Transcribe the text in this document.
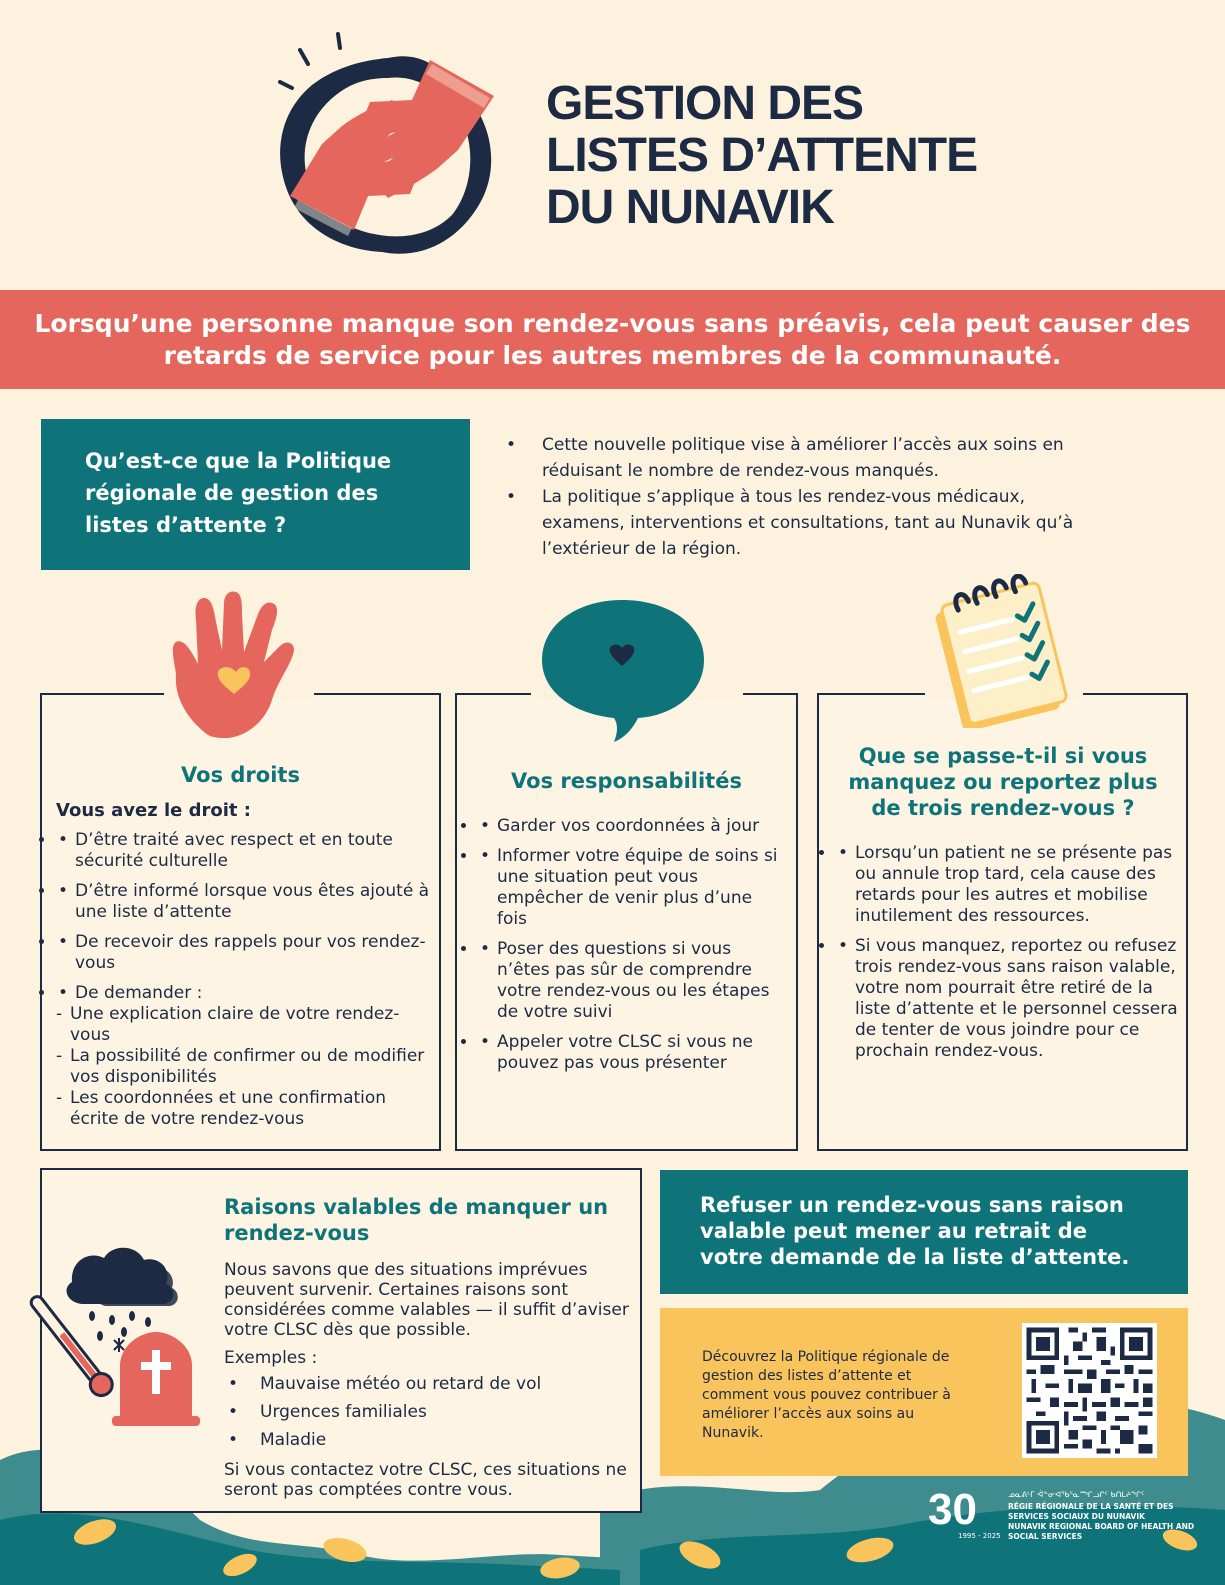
GESTION DES
LISTES D’ATTENTE
DU NUNAVIK
Lorsqu’une personne manque son rendez-vous sans préavis, cela peut causer des retards de service pour les autres membres de la communauté.
Qu’est-ce que la Politique régionale de gestion des listes d’attente ?
• Cette nouvelle politique vise à améliorer l’accès aux soins en réduisant le nombre de rendez-vous manqués.
• La politique s’applique à tous les rendez-vous médicaux, examens, interventions et consultations, tant au Nunavik qu’à l’extérieur de la région.
Vos droits
Vous avez le droit :
• • D’être traité avec respect et en toute sécurité culturelle
• • D’être informé lorsque vous êtes ajouté à une liste d’attente
• • De recevoir des rappels pour vos rendez-vous
• • De demander :
- Une explication claire de votre rendez-vous
- La possibilité de confirmer ou de modifier vos disponibilités
- Les coordonnées et une confirmation écrite de votre rendez-vous
Vos responsabilités
• • Garder vos coordonnées à jour
• • Informer votre équipe de soins si une situation peut vous empêcher de venir plus d’une fois
• • Poser des questions si vous n’êtes pas sûr de comprendre votre rendez-vous ou les étapes de votre suivi
• • Appeler votre CLSC si vous ne pouvez pas vous présenter
Que se passe-t-il si vous manquez ou reportez plus de trois rendez-vous ?
• • Lorsqu’un patient ne se présente pas ou annule trop tard, cela cause des retards pour les autres et mobilise inutilement des ressources.
• • Si vous manquez, reportez ou refusez trois rendez-vous sans raison valable, votre nom pourrait être retiré de la liste d’attente et le personnel cessera de tenter de vous joindre pour ce prochain rendez-vous.
Raisons valables de manquer un rendez-vous

Nous savons que des situations imprévues peuvent survenir. Certaines raisons sont considérées comme valables — il suffit d’aviser votre CLSC dès que possible.

Exemples :

• Mauvaise météo ou retard de vol
• Urgences familiales
• Maladie

Si vous contactez votre CLSC, ces situations ne seront pas comptées contre vous.

Refuser un rendez-vous sans raison valable peut mener au retrait de votre demande de la liste d’attente.
Découvrez la Politique régionale de gestion des listes d’attente et comment vous pouvez contribuer à améliorer l’accès aux soins au Nunavik.
30
1995 - 2025
ᓄᓇᕕᒻᒥ ᐋᓐᓂᐊᖃᕐᓇᙱᓗᒋᑦ ᑲᑎᒪᔨᖏᑦ
RÉGIE RÉGIONALE DE LA SANTÉ ET DES SERVICES SOCIAUX DU NUNAVIK
NUNAVIK REGIONAL BOARD OF HEALTH AND SOCIAL SERVICES
